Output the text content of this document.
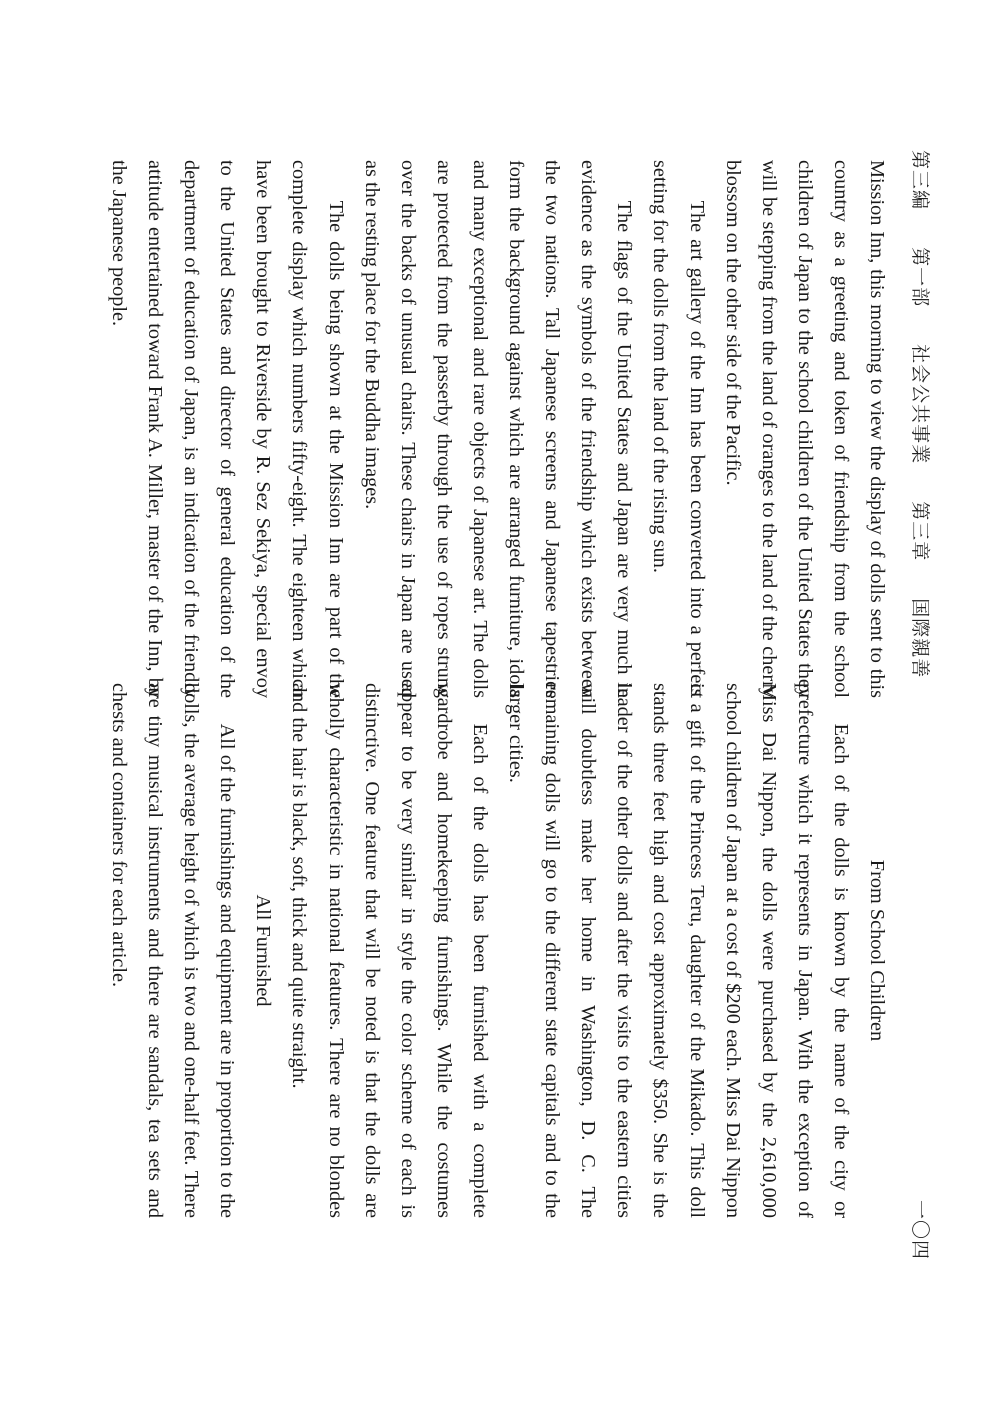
第三編 第一部 社会公共事業 第三章 国際親善
一〇四

Mission Inn, this morning to view the display of dolls sent to this country as a greeting and token of friendship from the school children of Japan to the school children of the United States they will be stepping from the land of oranges to the land of the cherry blossom on the other side of the Pacific.

The art gallery of the Inn has been converted into a perfect setting for the dolls from the land of the rising sun.

The flags of the United States and Japan are very much in evidence as the symbols of the friendship which exists between the two nations. Tall Japanese screens and Japanese tapestries form the background against which are arranged furniture, idols and many exceptional and rare objects of Japanese art. The dolls are protected from the passerby through the use of ropes strung over the backs of unusual chairs. These chairs in Japan are used as the resting place for the Buddha images.

The dolls being shown at the Mission Inn are part of the complete display which numbers fifty-eight. The eighteen which have been brought to Riverside by R. Sez Sekiya, special envoy to the United States and director of general education of the department of education of Japan, is an indication of the friendly attitude entertained toward Frank A. Miller, master of the Inn, by the Japanese people.

From School Children

Each of the dolls is known by the name of the city or prefecture which it represents in Japan. With the exception of Miss Dai Nippon, the dolls were purchased by the 2,610,000 school children of Japan at a cost of $200 each. Miss Dai Nippon is a gift of the Princess Teru, daughter of the Mikado. This doll stands three feet high and cost approximately $350. She is the leader of the other dolls and after the visits to the eastern cities will doubtless make her home in Washington, D. C. The remaining dolls will go to the different state capitals and to the larger cities.

Each of the dolls has been furnished with a complete wardrobe and homekeeping furnishings. While the costumes appear to be very similar in style the color scheme of each is distinctive. One feature that will be noted is that the dolls are wholly characteristic in national features. There are no blondes and the hair is black, soft, thick and quite straight.

All Furnished

All of the furnishings and equipment are in proportion to the dolls, the average height of which is two and one-half feet. There are tiny musical instruments and there are sandals, tea sets and chests and containers for each article.
